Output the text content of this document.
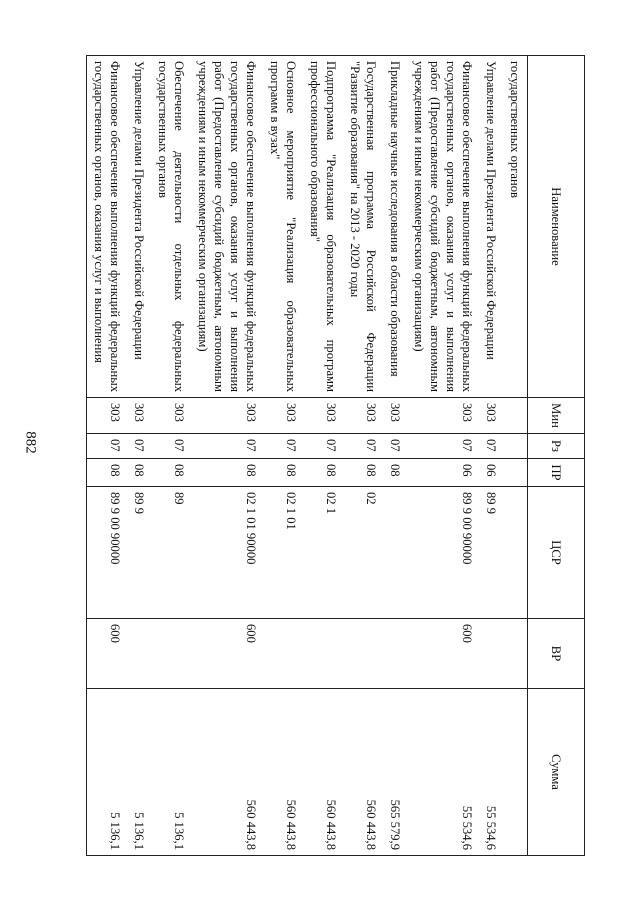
882
Наименование	Мин	Рз	ПР	ЦСР	ВР	Сумма
государственных органов						
Управление делами Президента Российской Федерации	303	07	06	89 9		55 534,6
Финансовое обеспечение выполнения функций федеральных государственных органов, оказания услуг и выполнения работ (Предоставление субсидий бюджетным, автономным учреждениям и иным некоммерческим организациям)	303	07	06	89 9 00 90000	600	55 534,6
Прикладные научные исследования в области образования	303	07	08			565 579,9
Государственная программа Российской Федерации "Развитие образования" на 2013 - 2020 годы	303	07	08	02		560 443,8
Подпрограмма "Реализация образовательных программ профессионального образования"	303	07	08	02 1		560 443,8
Основное мероприятие "Реализация образовательных программ в вузах"	303	07	08	02 1 01		560 443,8
Финансовое обеспечение выполнения функций федеральных государственных органов, оказания услуг и выполнения работ (Предоставление субсидий бюджетным, автономным учреждениям и иным некоммерческим организациям)	303	07	08	02 1 01 90000	600	560 443,8
Обеспечение деятельности отдельных федеральных государственных органов	303	07	08	89		5 136,1
Управление делами Президента Российской Федерации	303	07	08	89 9		5 136,1
Финансовое обеспечение выполнения функций федеральных государственных органов, оказания услуг и выполнения	303	07	08	89 9 00 90000	600	5 136,1
